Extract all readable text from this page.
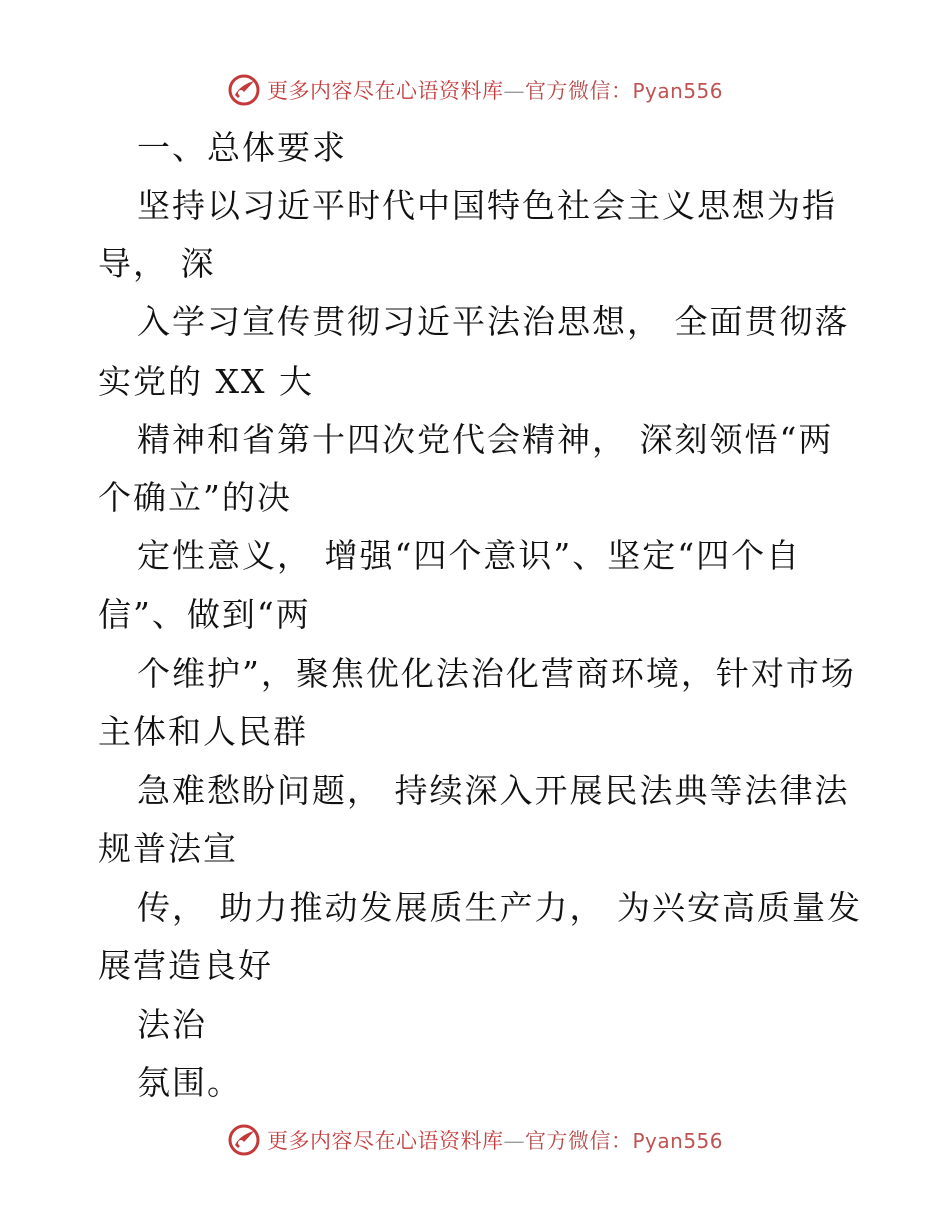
更多内容尽在心语资料库—官方微信：Pyan556
一、总体要求
坚持以习近平时代中国特色社会主义思想为指
导， 深
入学习宣传贯彻习近平法治思想， 全面贯彻落
实党的 XX 大
精神和省第十四次党代会精神， 深刻领悟“两
个确立”的决
定性意义， 增强“四个意识”、坚定“四个自
信”、做到“两
个维护”，聚焦优化法治化营商环境，针对市场
主体和人民群
急难愁盼问题， 持续深入开展民法典等法律法
规普法宣
传， 助力推动发展质生产力， 为兴安高质量发
展营造良好
法治
氛围。
更多内容尽在心语资料库—官方微信：Pyan556
